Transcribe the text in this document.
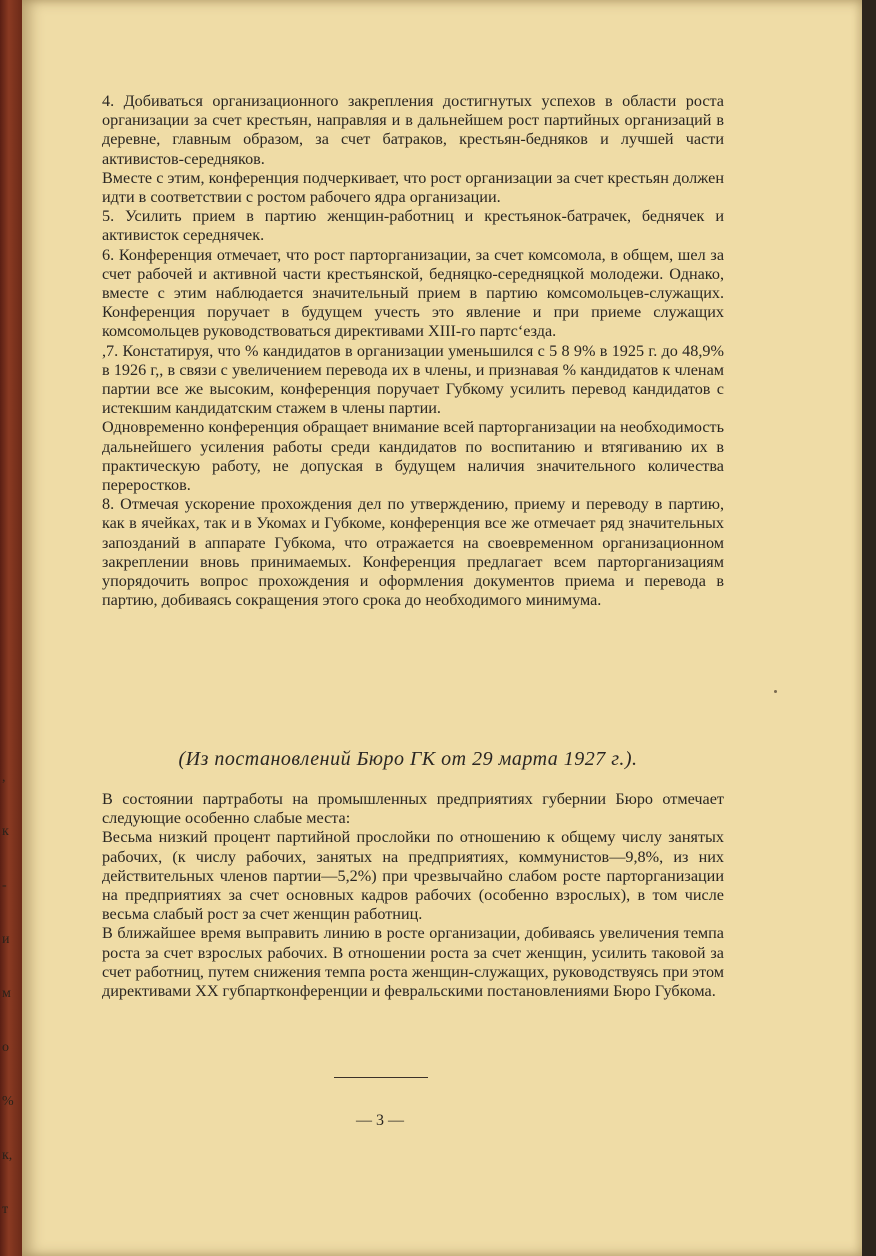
,
к
-
и
м
о
%
к,
т

4. Добиваться организационного закрепления достигнутых успехов в области роста организации за счет крестьян, направляя и в дальнейшем рост партийных организаций в деревне, главным образом, за счет батраков, крестьян-бедняков и лучшей части активистов-середняков.

Вместе с этим, конференция подчеркивает, что рост организации за счет крестьян должен идти в соответствии с ростом рабочего ядра организации.

5. Усилить прием в партию женщин-работниц и крестьянок-батрачек, беднячек и активисток середнячек.

6. Конференция отмечает, что рост парторганизации, за счет комсомола, в общем, шел за счет рабочей и активной части крестьянской, бедняцко-середняцкой молодежи. Однако, вместе с этим наблюдается значительный прием в партию комсомольцев-служащих. Конференция поручает в будущем учесть это явление и при приеме служащих комсомольцев руководствоваться директивами XIII-го партс‘езда.

,7. Констатируя, что % кандидатов в организации уменьшился с 5 8 9% в 1925 г. до 48,9% в 1926 г,, в связи с увеличением перевода их в члены, и признавая % кандидатов к членам партии все же высоким, конференция поручает Губкому усилить перевод кандидатов с истекшим кандидатским стажем в члены партии.

Одновременно конференция обращает внимание всей парторганизации на необходимость дальнейшего усиления работы среди кандидатов по воспитанию и втягиванию их в практическую работу, не допуская в будущем наличия значительного количества переростков.

8. Отмечая ускорение прохождения дел по утверждению, приему и переводу в партию, как в ячейках, так и в Укомах и Губкоме, конференция все же отмечает ряд значительных запозданий в аппарате Губкома, что отражается на своевременном организационном закреплении вновь принимаемых. Конференция предлагает всем парторганизациям упорядочить вопрос прохождения и оформления документов приема и перевода в партию, добиваясь сокращения этого срока до необходимого минимума.

(Из постановлений Бюро ГК от 29 марта 1927 г.).

В состоянии партработы на промышленных предприятиях губернии Бюро отмечает следующие особенно слабые места:

Весьма низкий процент партийной прослойки по отношению к общему числу занятых рабочих, (к числу рабочих, занятых на предприятиях, коммунистов—9,8%, из них действительных членов партии—5,2%) при чрезвычайно слабом росте парторганизации на предприятиях за счет основных кадров рабочих (особенно взрослых), в том числе весьма слабый рост за счет женщин работниц.

В ближайшее время выправить линию в росте организации, добиваясь увеличения темпа роста за счет взрослых рабочих. В отношении роста за счет женщин, усилить таковой за счет работниц, путем снижения темпа роста женщин-служащих, руководствуясь при этом директивами XX губпартконференции и февральскими постановлениями Бюро Губкома.

— 3 —
